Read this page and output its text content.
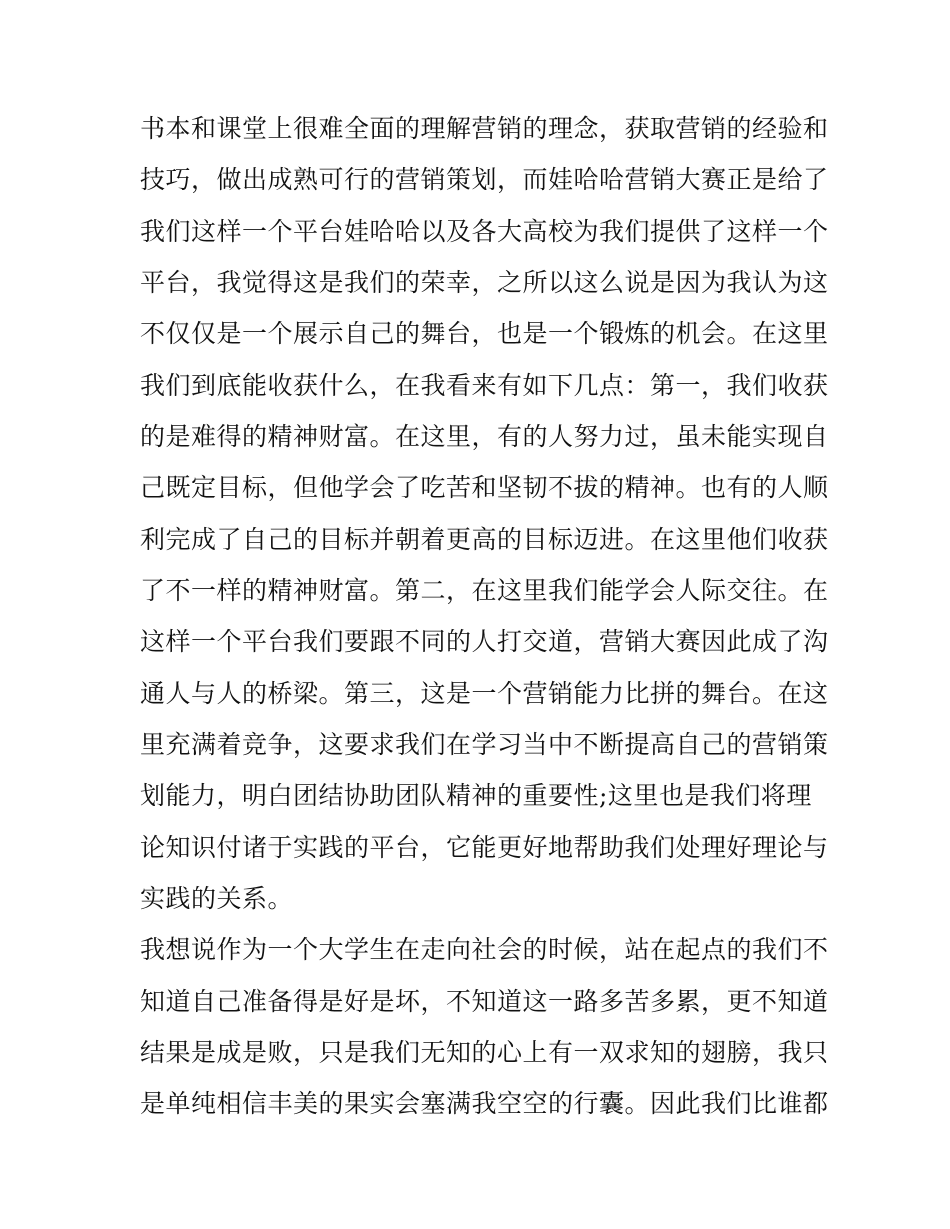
书本和课堂上很难全面的理解营销的理念，获取营销的经验和
技巧，做出成熟可行的营销策划，而娃哈哈营销大赛正是给了
我们这样一个平台娃哈哈以及各大高校为我们提供了这样一个
平台，我觉得这是我们的荣幸，之所以这么说是因为我认为这
不仅仅是一个展示自己的舞台，也是一个锻炼的机会。在这里
我们到底能收获什么，在我看来有如下几点：第一，我们收获
的是难得的精神财富。在这里，有的人努力过，虽未能实现自
己既定目标，但他学会了吃苦和坚韧不拔的精神。也有的人顺
利完成了自己的目标并朝着更高的目标迈进。在这里他们收获
了不一样的精神财富。第二，在这里我们能学会人际交往。在
这样一个平台我们要跟不同的人打交道，营销大赛因此成了沟
通人与人的桥梁。第三，这是一个营销能力比拼的舞台。在这
里充满着竞争，这要求我们在学习当中不断提高自己的营销策
划能力，明白团结协助团队精神的重要性;这里也是我们将理
论知识付诸于实践的平台，它能更好地帮助我们处理好理论与
实践的关系。
我想说作为一个大学生在走向社会的时候，站在起点的我们不
知道自己准备得是好是坏，不知道这一路多苦多累，更不知道
结果是成是败，只是我们无知的心上有一双求知的翅膀，我只
是单纯相信丰美的果实会塞满我空空的行囊。因此我们比谁都
